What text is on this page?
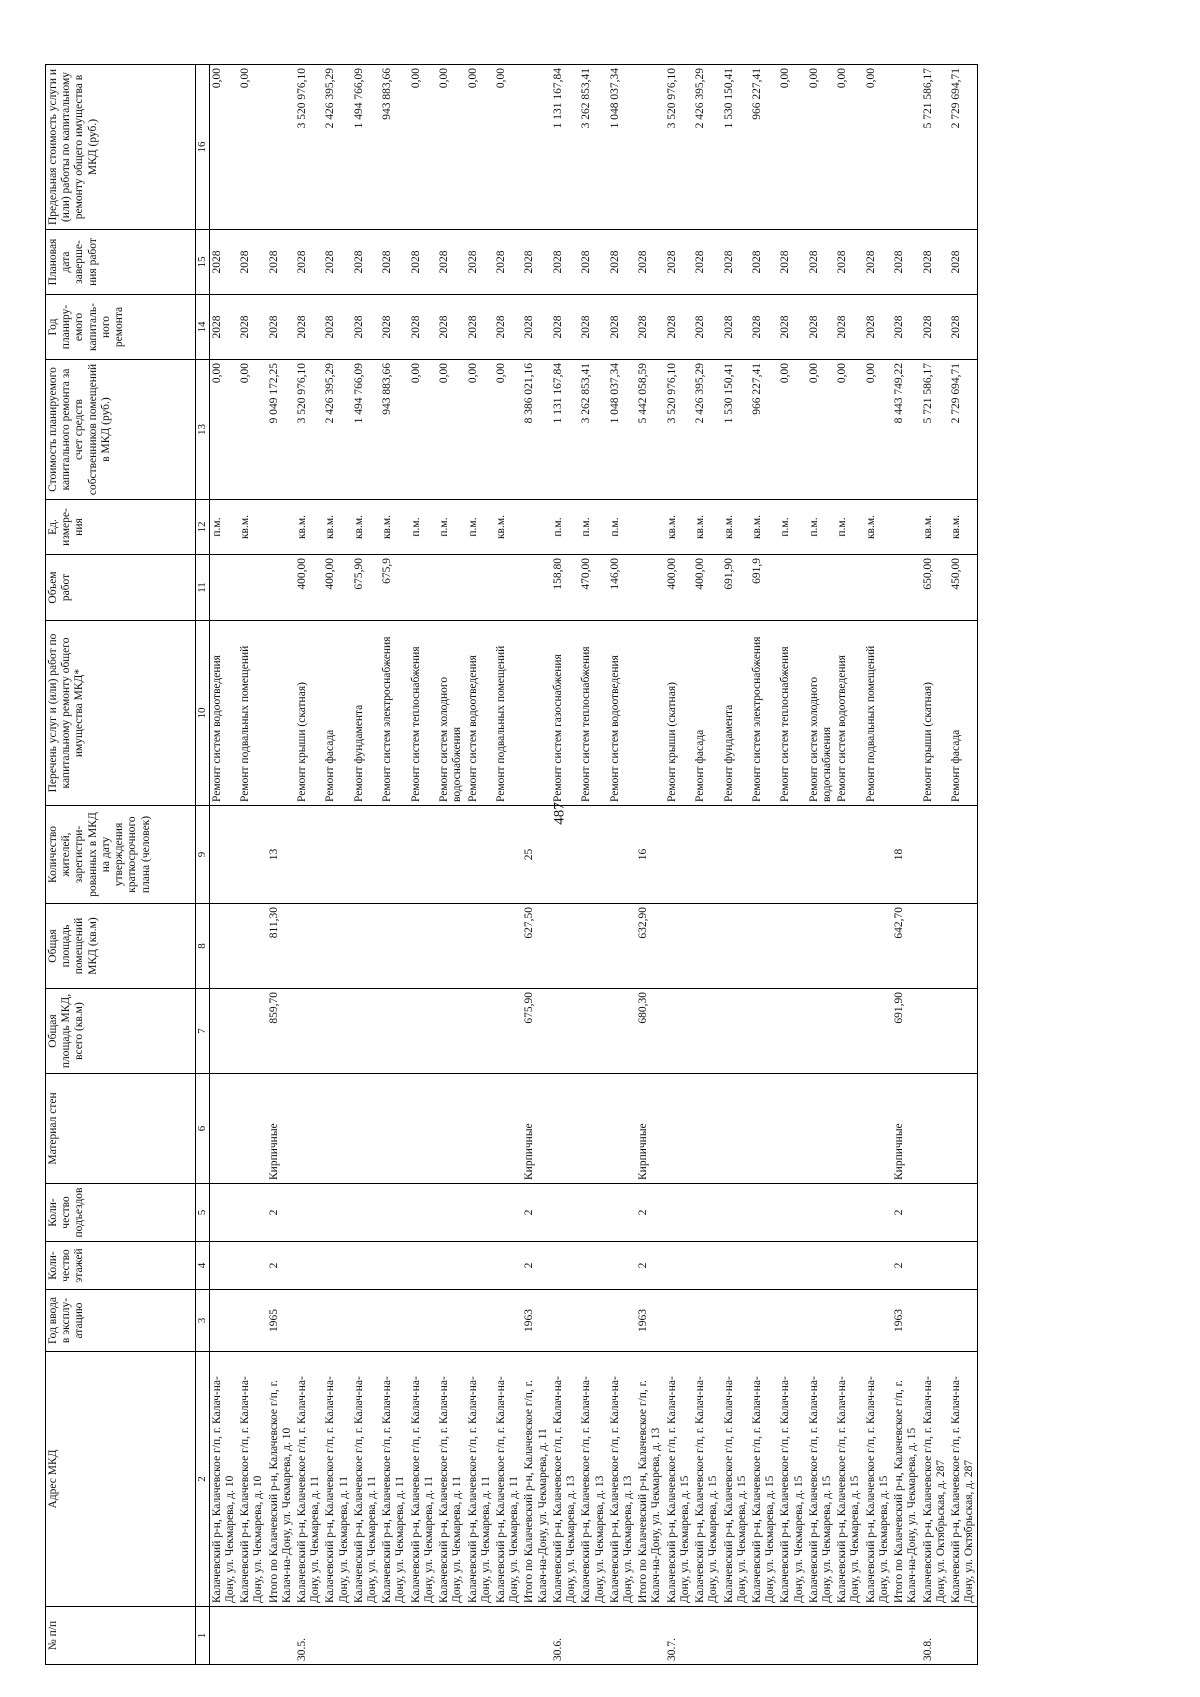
487
№ п/п	Адрес МКД	Год ввода в эксплу-атацию	Коли-чество этажей	Коли-чество подъездов	Материал стен	Общая площадь МКД, всего (кв.м)	Общая площадь помещений МКД (кв.м)	Количество жителей, зарегистри-рованных в МКД на дату утверждения краткосрочного плана (человек)	Перечень услуг и (или) работ по капитальному ремонту общего имущества МКД*	Объем работ	Ед. измере-ния	Стоимость планируемого капитального ремонта за счет средств собственников помещений в МКД (руб.)	Год планиру-емого капиталь-ного ремонта	Плановая дата заверше-ния работ	Предельная стоимость услуги и (или) работы по капитальному ремонту общего имущества в МКД (руб.)
1	2	3	4	5	6	7	8	9	10	11	12	13	14	15	16
	Калачевский р-н, Калачевское г/п, г. Калач-на-Дону, ул. Чекмарева, д. 10								Ремонт систем водоотведения		п.м.	0,00	2028	2028	0,00
	Калачевский р-н, Калачевское г/п, г. Калач-на-Дону, ул. Чекмарева, д. 10								Ремонт подвальных помещений		кв.м.	0,00	2028	2028	0,00
	Итого по Калачевский р-н, Калачевское г/п, г. Калач-на-Дону, ул. Чекмарева, д. 10	1965	2	2	Кирпичные	859,70	811,30	13				9 049 172,25	2028	2028	
30.5.	Калачевский р-н, Калачевское г/п, г. Калач-на-Дону, ул. Чекмарева, д. 11								Ремонт крыши (скатная)	400,00	кв.м.	3 520 976,10	2028	2028	3 520 976,10
	Калачевский р-н, Калачевское г/п, г. Калач-на-Дону, ул. Чекмарева, д. 11								Ремонт фасада	400,00	кв.м.	2 426 395,29	2028	2028	2 426 395,29
	Калачевский р-н, Калачевское г/п, г. Калач-на-Дону, ул. Чекмарева, д. 11								Ремонт фундамента	675,90	кв.м.	1 494 766,09	2028	2028	1 494 766,09
	Калачевский р-н, Калачевское г/п, г. Калач-на-Дону, ул. Чекмарева, д. 11								Ремонт систем электроснабжения	675,9	кв.м.	943 883,66	2028	2028	943 883,66
	Калачевский р-н, Калачевское г/п, г. Калач-на-Дону, ул. Чекмарева, д. 11								Ремонт систем теплоснабжения		п.м.	0,00	2028	2028	0,00
	Калачевский р-н, Калачевское г/п, г. Калач-на-Дону, ул. Чекмарева, д. 11								Ремонт систем холодного водоснабжения		п.м.	0,00	2028	2028	0,00
	Калачевский р-н, Калачевское г/п, г. Калач-на-Дону, ул. Чекмарева, д. 11								Ремонт систем водоотведения		п.м.	0,00	2028	2028	0,00
	Калачевский р-н, Калачевское г/п, г. Калач-на-Дону, ул. Чекмарева, д. 11								Ремонт подвальных помещений		кв.м.	0,00	2028	2028	0,00
	Итого по Калачевский р-н, Калачевское г/п, г. Калач-на-Дону, ул. Чекмарева, д. 11	1963	2	2	Кирпичные	675,90	627,50	25				8 386 021,16	2028	2028	
30.6.	Калачевский р-н, Калачевское г/п, г. Калач-на-Дону, ул. Чекмарева, д. 13								Ремонт систем газоснабжения	158,80	п.м.	1 131 167,84	2028	2028	1 131 167,84
	Калачевский р-н, Калачевское г/п, г. Калач-на-Дону, ул. Чекмарева, д. 13								Ремонт систем теплоснабжения	470,00	п.м.	3 262 853,41	2028	2028	3 262 853,41
	Калачевский р-н, Калачевское г/п, г. Калач-на-Дону, ул. Чекмарева, д. 13								Ремонт систем водоотведения	146,00	п.м.	1 048 037,34	2028	2028	1 048 037,34
	Итого по Калачевский р-н, Калачевское г/п, г. Калач-на-Дону, ул. Чекмарева, д. 13	1963	2	2	Кирпичные	680,30	632,90	16				5 442 058,59	2028	2028	
30.7.	Калачевский р-н, Калачевское г/п, г. Калач-на-Дону, ул. Чекмарева, д. 15								Ремонт крыши (скатная)	400,00	кв.м.	3 520 976,10	2028	2028	3 520 976,10
	Калачевский р-н, Калачевское г/п, г. Калач-на-Дону, ул. Чекмарева, д. 15								Ремонт фасада	400,00	кв.м.	2 426 395,29	2028	2028	2 426 395,29
	Калачевский р-н, Калачевское г/п, г. Калач-на-Дону, ул. Чекмарева, д. 15								Ремонт фундамента	691,90	кв.м.	1 530 150,41	2028	2028	1 530 150,41
	Калачевский р-н, Калачевское г/п, г. Калач-на-Дону, ул. Чекмарева, д. 15								Ремонт систем электроснабжения	691,9	кв.м.	966 227,41	2028	2028	966 227,41
	Калачевский р-н, Калачевское г/п, г. Калач-на-Дону, ул. Чекмарева, д. 15								Ремонт систем теплоснабжения		п.м.	0,00	2028	2028	0,00
	Калачевский р-н, Калачевское г/п, г. Калач-на-Дону, ул. Чекмарева, д. 15								Ремонт систем холодного водоснабжения		п.м.	0,00	2028	2028	0,00
	Калачевский р-н, Калачевское г/п, г. Калач-на-Дону, ул. Чекмарева, д. 15								Ремонт систем водоотведения		п.м.	0,00	2028	2028	0,00
	Калачевский р-н, Калачевское г/п, г. Калач-на-Дону, ул. Чекмарева, д. 15								Ремонт подвальных помещений		кв.м.	0,00	2028	2028	0,00
	Итого по Калачевский р-н, Калачевское г/п, г. Калач-на-Дону, ул. Чекмарева, д. 15	1963	2	2	Кирпичные	691,90	642,70	18				8 443 749,22	2028	2028	
30.8.	Калачевский р-н, Калачевское г/п, г. Калач-на-Дону, ул. Октябрьская, д. 287								Ремонт крыши (скатная)	650,00	кв.м.	5 721 586,17	2028	2028	5 721 586,17
	Калачевский р-н, Калачевское г/п, г. Калач-на-Дону, ул. Октябрьская, д. 287								Ремонт фасада	450,00	кв.м.	2 729 694,71	2028	2028	2 729 694,71
